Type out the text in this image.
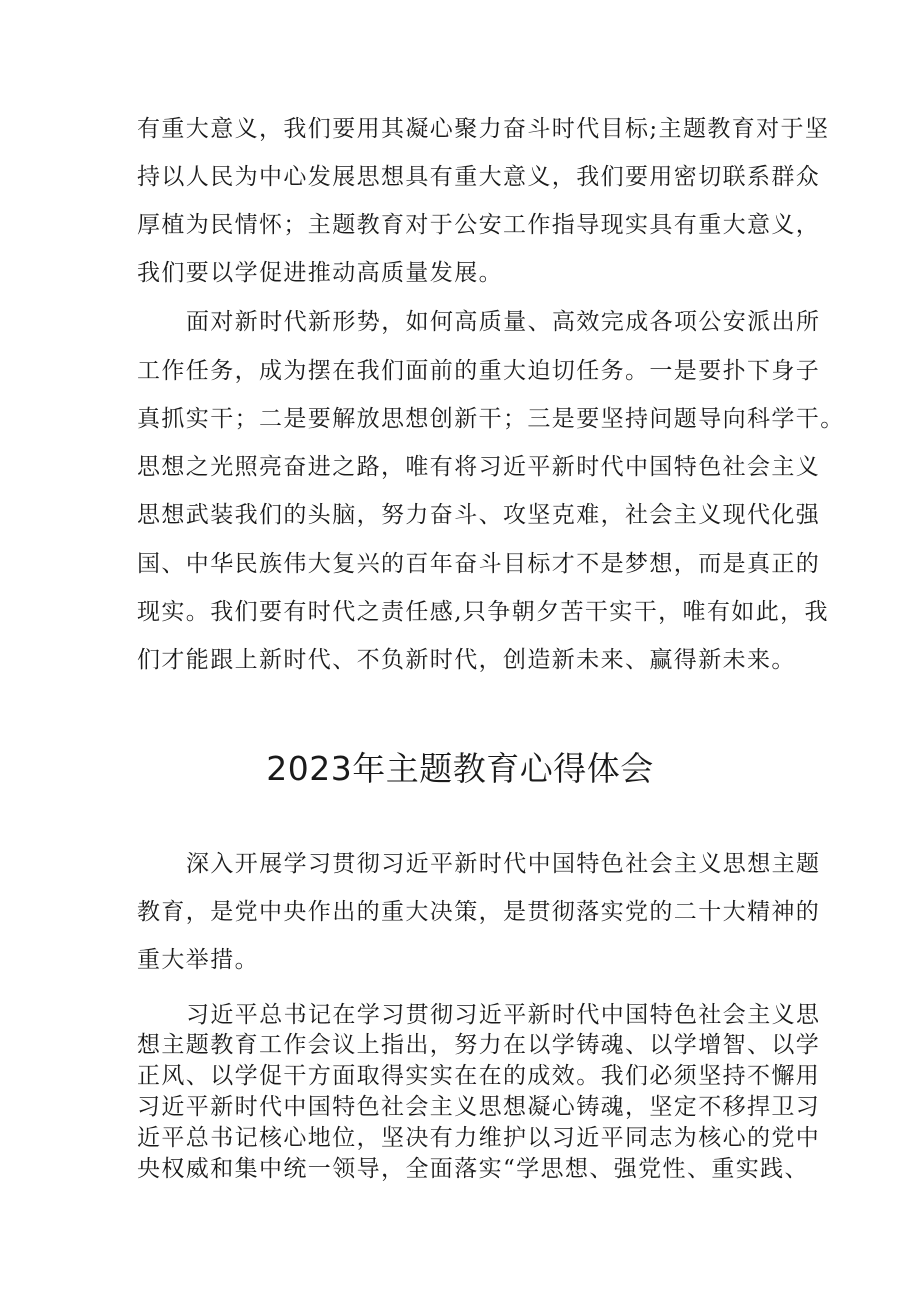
有重大意义，我们要用其凝心聚力奋斗时代目标;主题教育对于坚
持以人民为中心发展思想具有重大意义，我们要用密切联系群众
厚植为民情怀；主题教育对于公安工作指导现实具有重大意义，
我们要以学促进推动高质量发展。
面对新时代新形势，如何高质量、高效完成各项公安派出所
工作任务，成为摆在我们面前的重大迫切任务。一是要扑下身子
真抓实干；二是要解放思想创新干；三是要坚持问题导向科学干。
思想之光照亮奋进之路，唯有将习近平新时代中国特色社会主义
思想武装我们的头脑，努力奋斗、攻坚克难，社会主义现代化强
国、中华民族伟大复兴的百年奋斗目标才不是梦想，而是真正的
现实。我们要有时代之责任感,只争朝夕苦干实干，唯有如此，我
们才能跟上新时代、不负新时代，创造新未来、赢得新未来。
2023年主题教育心得体会
深入开展学习贯彻习近平新时代中国特色社会主义思想主题
教育，是党中央作出的重大决策，是贯彻落实党的二十大精神的
重大举措。
习近平总书记在学习贯彻习近平新时代中国特色社会主义思
想主题教育工作会议上指出，努力在以学铸魂、以学增智、以学
正风、以学促干方面取得实实在在的成效。我们必须坚持不懈用
习近平新时代中国特色社会主义思想凝心铸魂，坚定不移捍卫习
近平总书记核心地位，坚决有力维护以习近平同志为核心的党中
央权威和集中统一领导，全面落实“学思想、强党性、重实践、
